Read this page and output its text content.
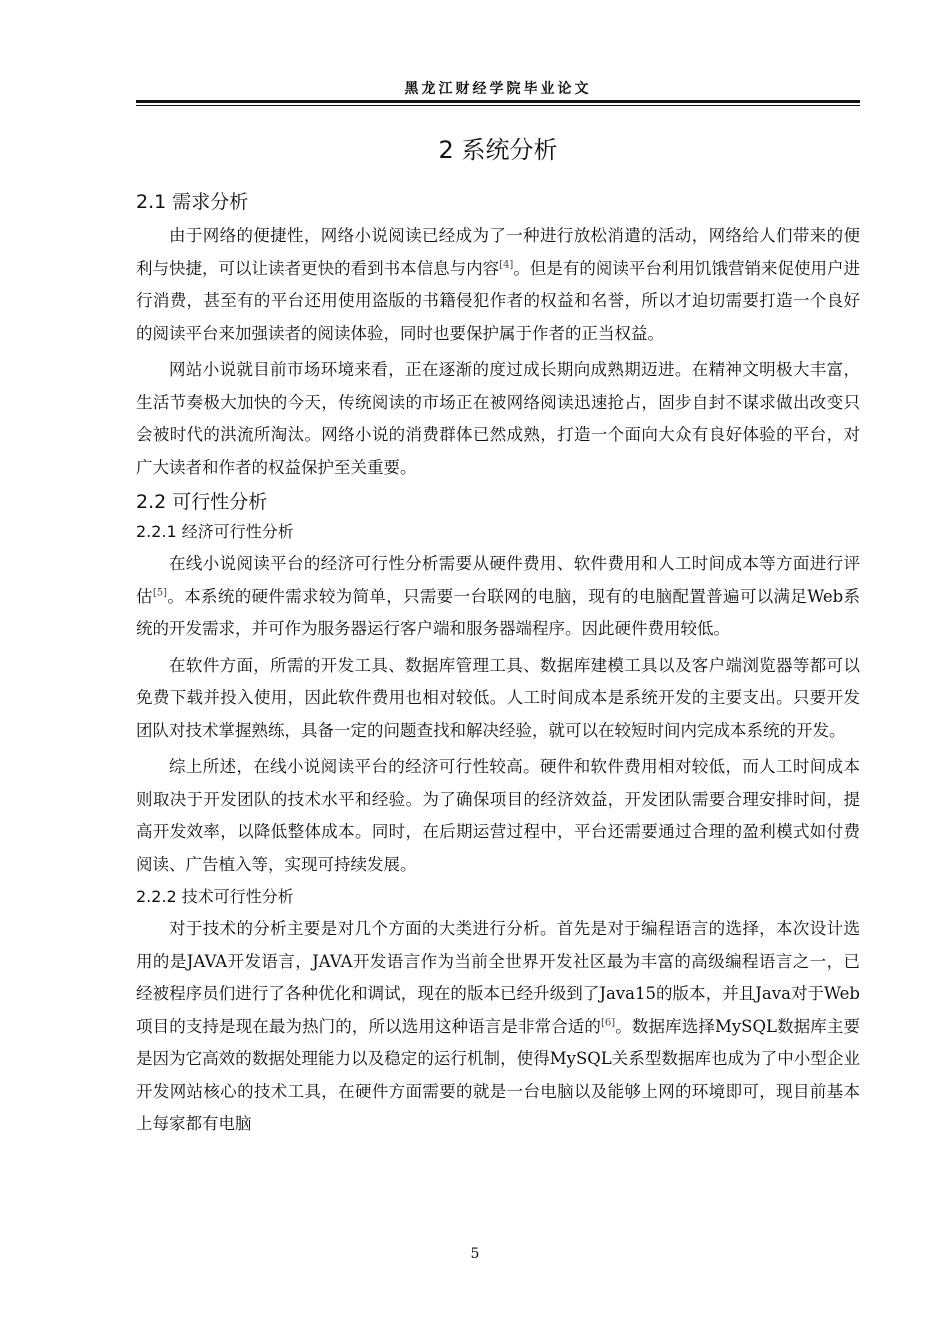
黑龙江财经学院毕业论文
2 系统分析
2.1 需求分析

由于网络的便捷性，网络小说阅读已经成为了一种进行放松消遣的活动，网络给人们带来的便利与快捷，可以让读者更快的看到书本信息与内容[4]。但是有的阅读平台利用饥饿营销来促使用户进行消费，甚至有的平台还用使用盗版的书籍侵犯作者的权益和名誉，所以才迫切需要打造一个良好的阅读平台来加强读者的阅读体验，同时也要保护属于作者的正当权益。

网站小说就目前市场环境来看，正在逐渐的度过成长期向成熟期迈进。在精神文明极大丰富，生活节奏极大加快的今天，传统阅读的市场正在被网络阅读迅速抢占，固步自封不谋求做出改变只会被时代的洪流所淘汰。网络小说的消费群体已然成熟，打造一个面向大众有良好体验的平台，对广大读者和作者的权益保护至关重要。

2.2 可行性分析
2.2.1 经济可行性分析

在线小说阅读平台的经济可行性分析需要从硬件费用、软件费用和人工时间成本等方面进行评估[5]。本系统的硬件需求较为简单，只需要一台联网的电脑，现有的电脑配置普遍可以满足Web系统的开发需求，并可作为服务器运行客户端和服务器端程序。因此硬件费用较低。

在软件方面，所需的开发工具、数据库管理工具、数据库建模工具以及客户端浏览器等都可以免费下载并投入使用，因此软件费用也相对较低。人工时间成本是系统开发的主要支出。只要开发团队对技术掌握熟练，具备一定的问题查找和解决经验，就可以在较短时间内完成本系统的开发。

综上所述，在线小说阅读平台的经济可行性较高。硬件和软件费用相对较低，而人工时间成本则取决于开发团队的技术水平和经验。为了确保项目的经济效益，开发团队需要合理安排时间，提高开发效率，以降低整体成本。同时，在后期运营过程中，平台还需要通过合理的盈利模式如付费阅读、广告植入等，实现可持续发展。

2.2.2 技术可行性分析

对于技术的分析主要是对几个方面的大类进行分析。首先是对于编程语言的选择，本次设计选用的是JAVA开发语言，JAVA开发语言作为当前全世界开发社区最为丰富的高级编程语言之一，已经被程序员们进行了各种优化和调试，现在的版本已经升级到了Java15的版本，并且Java对于Web项目的支持是现在最为热门的，所以选用这种语言是非常合适的[6]。数据库选择MySQL数据库主要是因为它高效的数据处理能力以及稳定的运行机制，使得MySQL关系型数据库也成为了中小型企业开发网站核心的技术工具，在硬件方面需要的就是一台电脑以及能够上网的环境即可，现目前基本上每家都有电脑

5
